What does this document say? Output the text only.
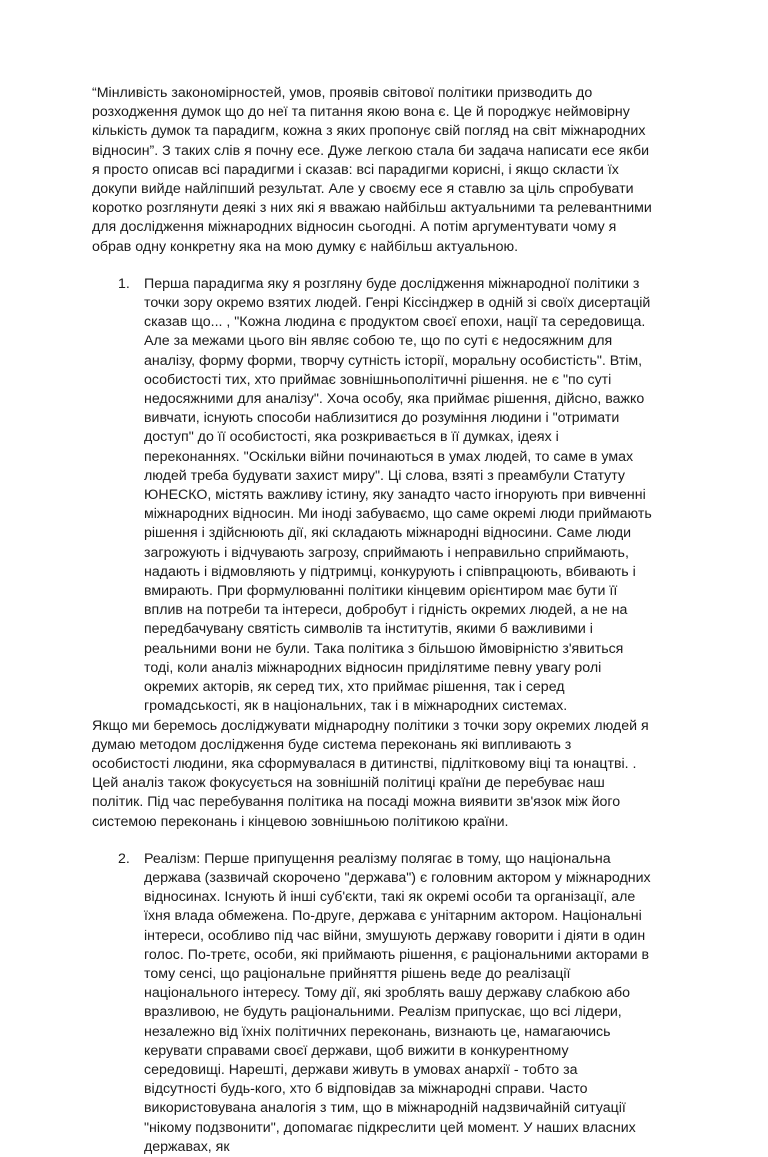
“Мінливість закономірностей, умов, проявів світової політики призводить до розходження думок що до неї та питання якою вона є. Це й породжує неймовірну кількість думок та парадигм, кожна з яких пропонує свій погляд на світ міжнародних відносин”. З таких слів я почну есе. Дуже легкою стала би задача написати есе якби я просто описав всі парадигми і сказав: всі парадигми корисні, і якщо скласти їх докупи вийде найліпший результат. Але у своєму есе я ставлю за ціль спробувати коротко розглянути деякі з них які я вважаю найбільш актуальними та релевантними для дослідження міжнародних відносин сьогодні. А потім аргументувати чому я обрав одну конкретну яка на мою думку є найбільш актуальною.

1. Перша парадигма яку я розгляну буде дослідження міжнародної політики з точки зору окремо взятих людей. Генрі Кіссінджер в одній зі своїх дисертацій сказав що... , "Кожна людина є продуктом своєї епохи, нації та середовища. Але за межами цього він являє собою те, що по суті є недосяжним для аналізу, форму форми, творчу сутність історії, моральну особистість". Втім, особистості тих, хто приймає зовнішньополітичні рішення. не є "по суті недосяжними для аналізу". Хоча особу, яка приймає рішення, дійсно, важко вивчати, існують способи наблизитися до розуміння людини і "отримати доступ" до її особистості, яка розкривається в її думках, ідеях і переконаннях. "Оскільки війни починаються в умах людей, то саме в умах людей треба будувати захист миру". Ці слова, взяті з преамбули Статуту ЮНЕСКО, містять важливу істину, яку занадто часто ігнорують при вивченні міжнародних відносин. Ми іноді забуваємо, що саме окремі люди приймають рішення і здійснюють дії, які складають міжнародні відносини. Саме люди загрожують і відчувають загрозу, сприймають і неправильно сприймають, надають і відмовляють у підтримці, конкурують і співпрацюють, вбивають і вмирають. При формулюванні політики кінцевим орієнтиром має бути її вплив на потреби та інтереси, добробут і гідність окремих людей, а не на передбачувану святість символів та інститутів, якими б важливими і реальними вони не були. Така політика з більшою ймовірністю з'явиться тоді, коли аналіз міжнародних відносин приділятиме певну увагу ролі окремих акторів, як серед тих, хто приймає рішення, так і серед громадськості, як в національних, так і в міжнародних системах.

Якщо ми беремось досліджувати міднародну політики з точки зору окремих людей я думаю методом дослідження буде система переконань які випливають з особистості людини, яка сформувалася в дитинстві, підлітковому віці та юнацтві. . Цей аналіз також фокусується на зовнішній політиці країни де перебуває наш політик. Під час перебування політика на посаді можна виявити зв'язок між його системою переконань і кінцевою зовнішньою політикою країни.

2. Реалізм: Перше припущення реалізму полягає в тому, що національна держава (зазвичай скорочено "держава") є головним актором у міжнародних відносинах. Існують й інші суб'єкти, такі як окремі особи та організації, але їхня влада обмежена. По-друге, держава є унітарним актором. Національні інтереси, особливо під час війни, змушують державу говорити і діяти в один голос. По-третє, особи, які приймають рішення, є раціональними акторами в тому сенсі, що раціональне прийняття рішень веде до реалізації національного інтересу. Тому дії, які зроблять вашу державу слабкою або вразливою, не будуть раціональними. Реалізм припускає, що всі лідери, незалежно від їхніх політичних переконань, визнають це, намагаючись керувати справами своєї держави, щоб вижити в конкурентному середовищі. Нарешті, держави живуть в умовах анархії - тобто за відсутності будь-кого, хто б відповідав за міжнародні справи. Часто використовувана аналогія з тим, що в міжнародній надзвичайній ситуації "нікому подзвонити", допомагає підкреслити цей момент. У наших власних державах, як
